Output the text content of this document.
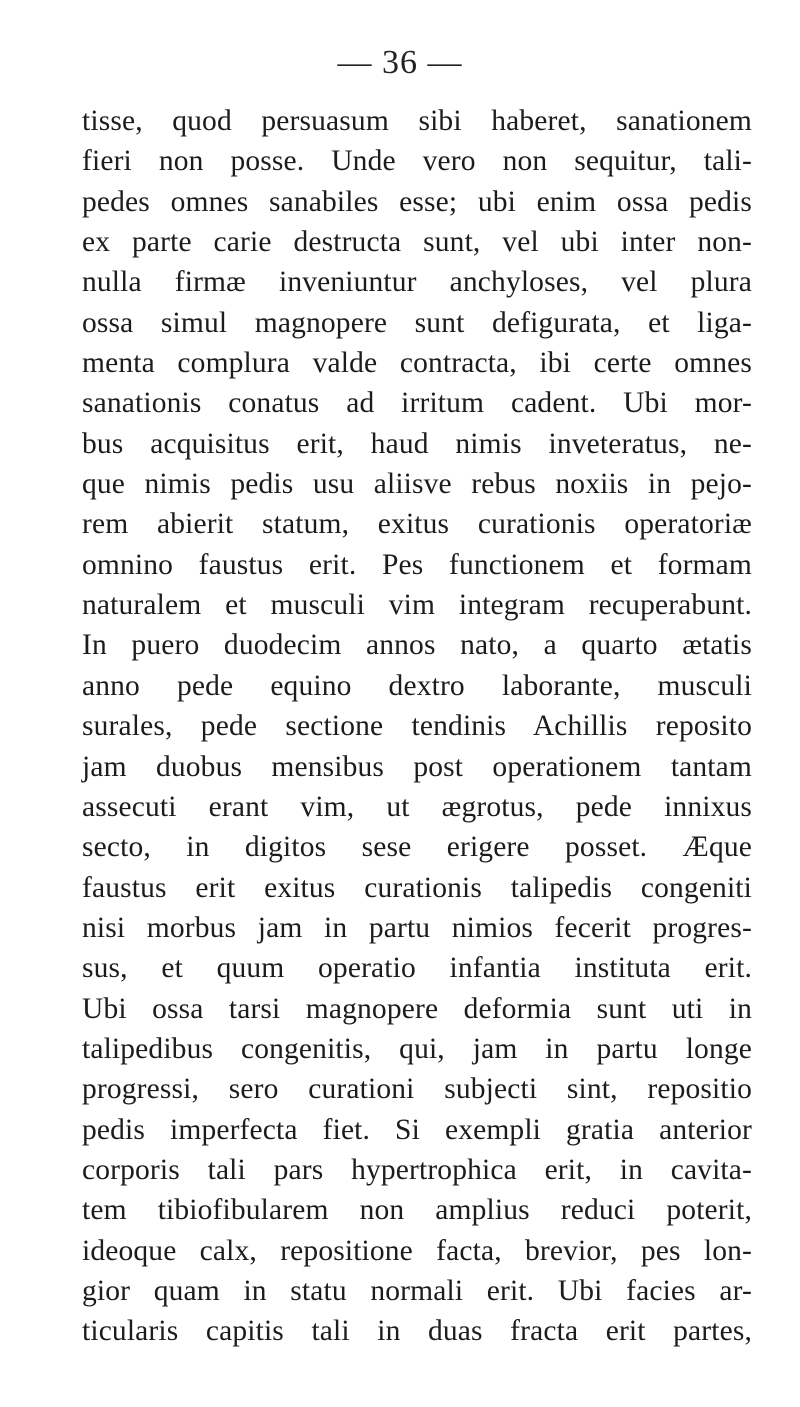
— 36 —
tisse, quod persuasum sibi haberet, sanationem
fieri non posse. Unde vero non sequitur, tali-
pedes omnes sanabiles esse; ubi enim ossa pedis
ex parte carie destructa sunt, vel ubi inter non-
nulla firmæ inveniuntur anchyloses, vel plura
ossa simul magnopere sunt defigurata, et liga-
menta complura valde contracta, ibi certe omnes
sanationis conatus ad irritum cadent. Ubi mor-
bus acquisitus erit, haud nimis inveteratus, ne-
que nimis pedis usu aliisve rebus noxiis in pejo-
rem abierit statum, exitus curationis operatoriæ
omnino faustus erit. Pes functionem et formam
naturalem et musculi vim integram recuperabunt.
In puero duodecim annos nato, a quarto ætatis
anno pede equino dextro laborante, musculi
surales, pede sectione tendinis Achillis reposito
jam duobus mensibus post operationem tantam
assecuti erant vim, ut ægrotus, pede innixus
secto, in digitos sese erigere posset. Æque
faustus erit exitus curationis talipedis congeniti
nisi morbus jam in partu nimios fecerit progres-
sus, et quum operatio infantia instituta erit.
Ubi ossa tarsi magnopere deformia sunt uti in
talipedibus congenitis, qui, jam in partu longe
progressi, sero curationi subjecti sint, repositio
pedis imperfecta fiet. Si exempli gratia anterior
corporis tali pars hypertrophica erit, in cavita-
tem tibiofibularem non amplius reduci poterit,
ideoque calx, repositione facta, brevior, pes lon-
gior quam in statu normali erit. Ubi facies ar-
ticularis capitis tali in duas fracta erit partes,
